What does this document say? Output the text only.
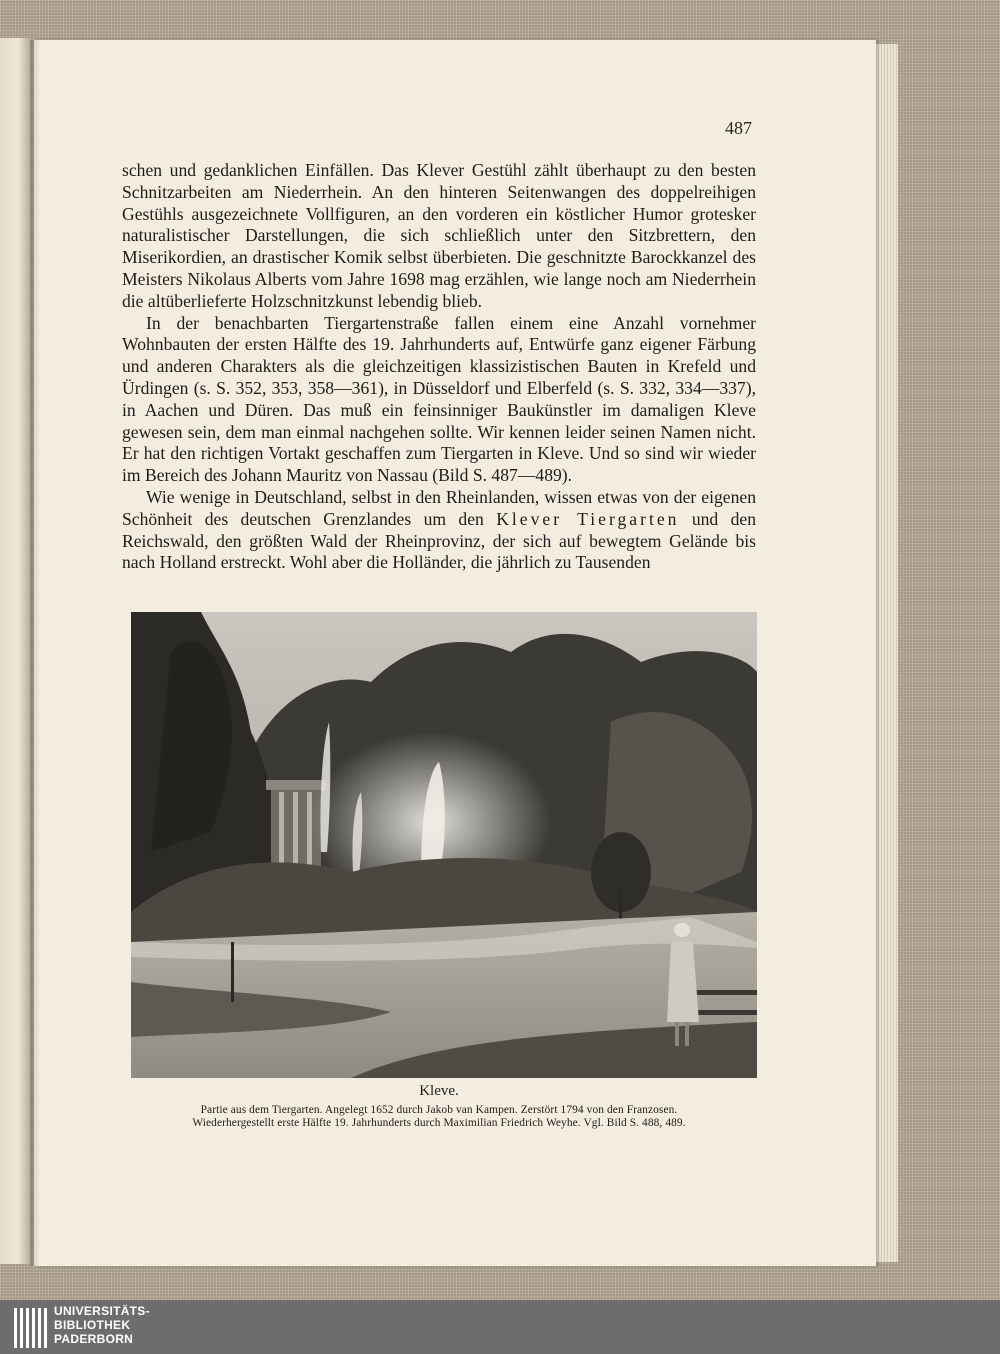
487

schen und gedanklichen Einfällen. Das Klever Gestühl zählt überhaupt zu den besten Schnitzarbeiten am Niederrhein. An den hinteren Seitenwangen des doppelreihigen Gestühls ausgezeichnete Vollfiguren, an den vorderen ein köstlicher Humor grotesker naturalistischer Darstellungen, die sich schließlich unter den Sitzbrettern, den Miserikordien, an drastischer Komik selbst überbieten. Die geschnitzte Barockkanzel des Meisters Nikolaus Alberts vom Jahre 1698 mag erzählen, wie lange noch am Niederrhein die altüberlieferte Holzschnitzkunst lebendig blieb.

In der benachbarten Tiergartenstraße fallen einem eine Anzahl vornehmer Wohnbauten der ersten Hälfte des 19. Jahrhunderts auf, Entwürfe ganz eigener Färbung und anderen Charakters als die gleichzeitigen klassizistischen Bauten in Krefeld und Ürdingen (s. S. 352, 353, 358—361), in Düsseldorf und Elberfeld (s. S. 332, 334—337), in Aachen und Düren. Das muß ein feinsinniger Baukünstler im damaligen Kleve gewesen sein, dem man einmal nachgehen sollte. Wir kennen leider seinen Namen nicht. Er hat den richtigen Vortakt geschaffen zum Tiergarten in Kleve. Und so sind wir wieder im Bereich des Johann Mauritz von Nassau (Bild S. 487—489).

Wie wenige in Deutschland, selbst in den Rheinlanden, wissen etwas von der eigenen Schönheit des deutschen Grenzlandes um den Klever Tiergarten und den Reichswald, den größten Wald der Rheinprovinz, der sich auf bewegtem Gelände bis nach Holland erstreckt. Wohl aber die Holländer, die jährlich zu Tausenden

Kleve.
Partie aus dem Tiergarten. Angelegt 1652 durch Jakob van Kampen. Zerstört 1794 von den Franzosen.
Wiederhergestellt erste Hälfte 19. Jahrhunderts durch Maximilian Friedrich Weyhe. Vgl. Bild S. 488, 489.
UNIVERSITÄTS-
BIBLIOTHEK
PADERBORN
